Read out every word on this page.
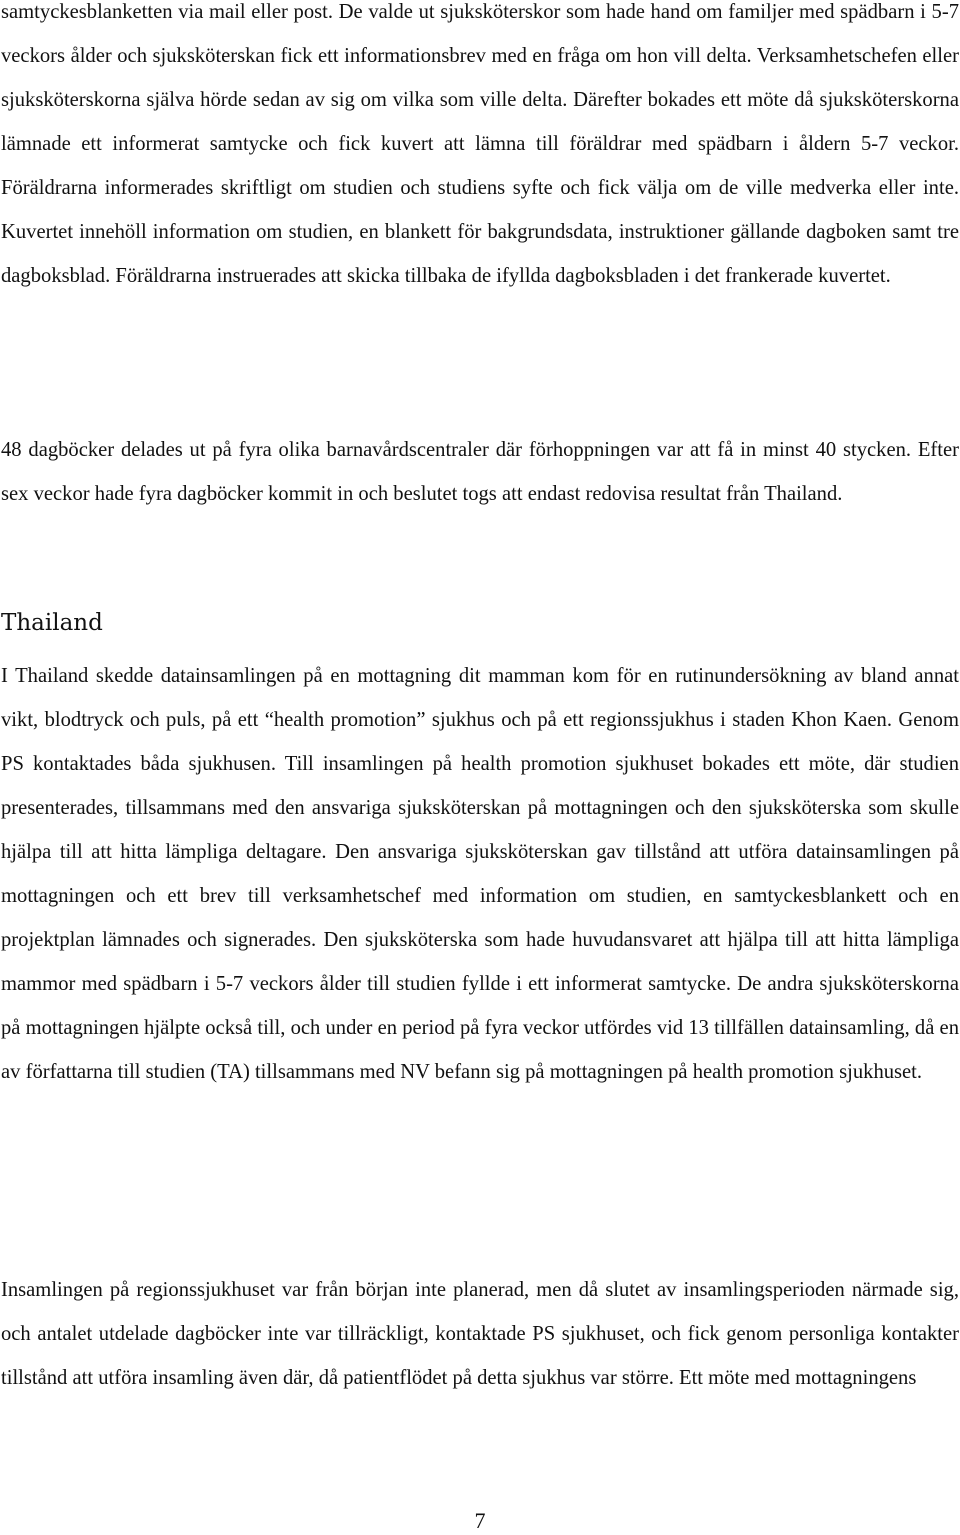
samtyckesblanketten via mail eller post. De valde ut sjuksköterskor som hade hand om familjer med spädbarn i 5-7 veckors ålder och sjuksköterskan fick ett informationsbrev med en fråga om hon vill delta. Verksamhetschefen eller sjuksköterskorna själva hörde sedan av sig om vilka som ville delta. Därefter bokades ett möte då sjuksköterskorna lämnade ett informerat samtycke och fick kuvert att lämna till föräldrar med spädbarn i åldern 5-7 veckor. Föräldrarna informerades skriftligt om studien och studiens syfte och fick välja om de ville medverka eller inte. Kuvertet innehöll information om studien, en blankett för bakgrundsdata, instruktioner gällande dagboken samt tre dagboksblad. Föräldrarna instruerades att skicka tillbaka de ifyllda dagboksbladen i det frankerade kuvertet.

48 dagböcker delades ut på fyra olika barnavårdscentraler där förhoppningen var att få in minst 40 stycken. Efter sex veckor hade fyra dagböcker kommit in och beslutet togs att endast redovisa resultat från Thailand.

Thailand

I Thailand skedde datainsamlingen på en mottagning dit mamman kom för en rutinundersökning av bland annat vikt, blodtryck och puls, på ett “health promotion” sjukhus och på ett regionssjukhus i staden Khon Kaen. Genom PS kontaktades båda sjukhusen. Till insamlingen på health promotion sjukhuset bokades ett möte, där studien presenterades, tillsammans med den ansvariga sjuksköterskan på mottagningen och den sjuksköterska som skulle hjälpa till att hitta lämpliga deltagare. Den ansvariga sjuksköterskan gav tillstånd att utföra datainsamlingen på mottagningen och ett brev till verksamhetschef med information om studien, en samtyckesblankett och en projektplan lämnades och signerades. Den sjuksköterska som hade huvudansvaret att hjälpa till att hitta lämpliga mammor med spädbarn i 5-7 veckors ålder till studien fyllde i ett informerat samtycke. De andra sjuksköterskorna på mottagningen hjälpte också till, och under en period på fyra veckor utfördes vid 13 tillfällen datainsamling, då en av författarna till studien (TA) tillsammans med NV befann sig på mottagningen på health promotion sjukhuset.

Insamlingen på regionssjukhuset var från början inte planerad, men då slutet av insamlingsperioden närmade sig, och antalet utdelade dagböcker inte var tillräckligt, kontaktade PS sjukhuset, och fick genom personliga kontakter tillstånd att utföra insamling även där, då patientflödet på detta sjukhus var större. Ett möte med mottagningens

7
